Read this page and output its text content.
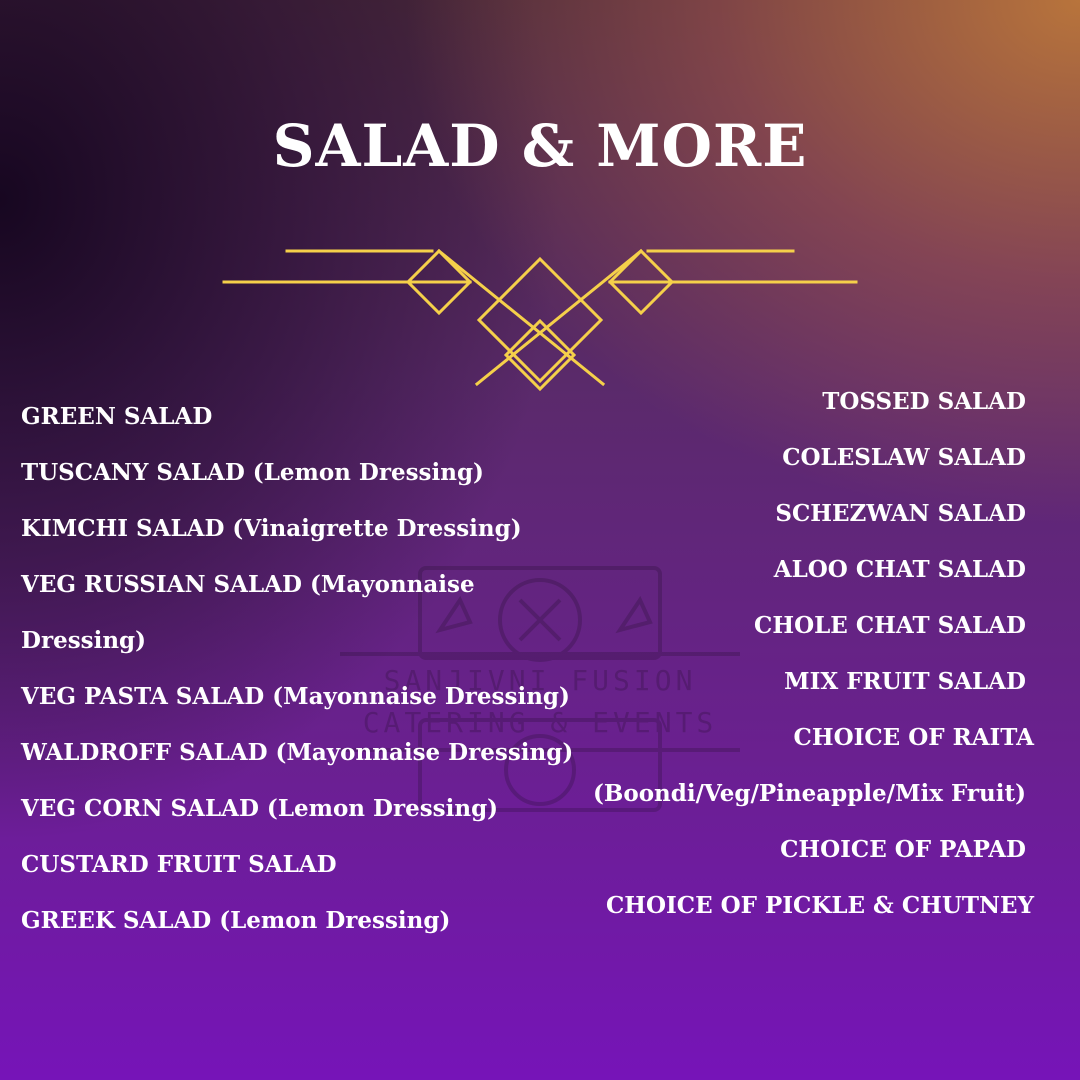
SALAD & MORE
SANJIVNI FUSION
CATERING & EVENTS
GREEN SALAD
TUSCANY SALAD (Lemon Dressing)
KIMCHI SALAD (Vinaigrette Dressing)
VEG RUSSIAN SALAD (Mayonnaise Dressing)
VEG PASTA SALAD (Mayonnaise Dressing)
WALDROFF SALAD (Mayonnaise Dressing)
VEG CORN SALAD (Lemon Dressing)
CUSTARD FRUIT SALAD
GREEK SALAD (Lemon Dressing)
TOSSED SALAD
COLESLAW SALAD
SCHEZWAN SALAD
ALOO CHAT SALAD
CHOLE CHAT SALAD
MIX FRUIT SALAD
CHOICE OF RAITA
(Boondi/Veg/Pineapple/Mix Fruit)
CHOICE OF PAPAD
CHOICE OF PICKLE & CHUTNEY
